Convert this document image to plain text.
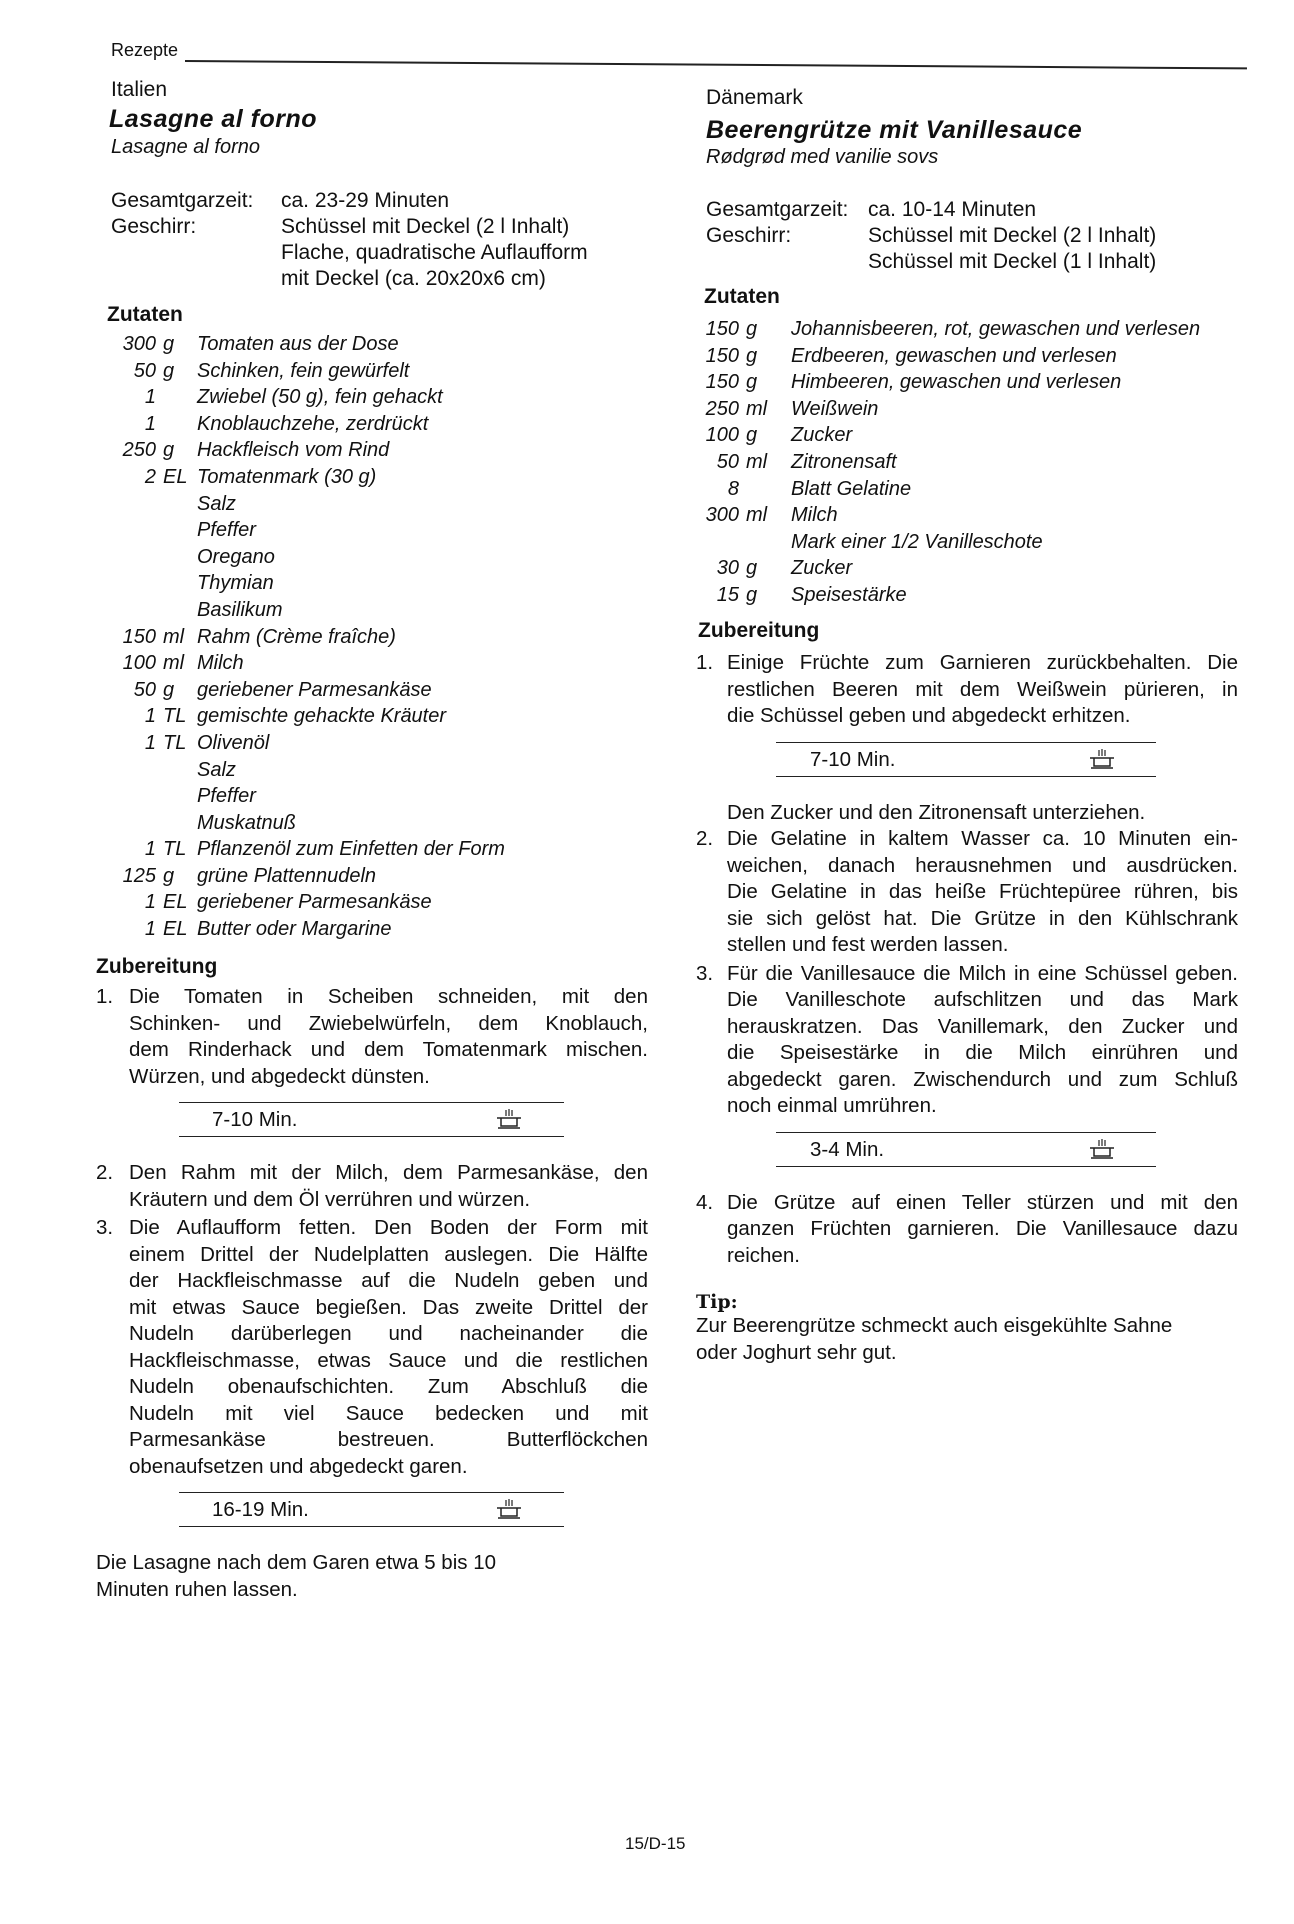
Rezepte
Italien
Lasagne al forno
Lasagne al forno
Gesamtgarzeit: ca. 23-29 Minuten
Geschirr:	Schüssel mit Deckel (2 l Inhalt)
Flache, quadratische Auflaufform
mit Deckel (ca. 20x20x6 cm)
Zutaten
300 g Tomaten aus der Dose
50 g Schinken, fein gewürfelt
1 Zwiebel (50 g), fein gehackt
1 Knoblauchzehe, zerdrückt
250 g Hackfleisch vom Rind
2 EL Tomatenmark (30 g)
Salz
Pfeffer
Oregano
Thymian
Basilikum
150 ml Rahm (Crème fraîche)
100 ml Milch
50 g geriebener Parmesankäse
1 TL gemischte gehackte Kräuter
1 TL Olivenöl
Salz
Pfeffer
Muskatnuß
1 TL Pflanzenöl zum Einfetten der Form
125 g grüne Plattennudeln
1 EL geriebener Parmesankäse
1 EL Butter oder Margarine
Zubereitung
1. Die Tomaten in Scheiben schneiden, mit den
Schinken- und Zwiebelwürfeln, dem Knoblauch,
dem Rinderhack und dem Tomatenmark mischen.
Würzen, und abgedeckt dünsten.
7-10 Min.
2. Den Rahm mit der Milch, dem Parmesankäse, den
Kräutern und dem Öl verrühren und würzen.
3. Die Auflaufform fetten. Den Boden der Form mit
einem Drittel der Nudelplatten auslegen. Die Hälfte
der Hackfleischmasse auf die Nudeln geben und
mit etwas Sauce begießen. Das zweite Drittel der
Nudeln darüberlegen und nacheinander die
Hackfleischmasse, etwas Sauce und die restlichen
Nudeln obenaufschichten. Zum Abschluß die
Nudeln mit viel Sauce bedecken und mit
Parmesankäse bestreuen. Butterflöckchen
obenaufsetzen und abgedeckt garen.
16-19 Min.
Die Lasagne nach dem Garen etwa 5 bis 10
Minuten ruhen lassen.
Dänemark
Beerengrütze mit Vanillesauce
Rødgrød med vanilie sovs
Gesamtgarzeit: ca. 10-14 Minuten
Geschirr:	Schüssel mit Deckel (2 l Inhalt)
Schüssel mit Deckel (1 l Inhalt)
Zutaten
150 g Johannisbeeren, rot, gewaschen und verlesen
150 g Erdbeeren, gewaschen und verlesen
150 g Himbeeren, gewaschen und verlesen
250 ml Weißwein
100 g Zucker
50 ml Zitronensaft
8	Blatt Gelatine
300 ml Milch
Mark einer 1/2 Vanilleschote
30 g Zucker
15 g Speisestärke
Zubereitung
1. Einige Früchte zum Garnieren zurückbehalten. Die
restlichen Beeren mit dem Weißwein pürieren, in
die Schüssel geben und abgedeckt erhitzen.
7-10 Min.
Den Zucker und den Zitronensaft unterziehen.
2. Die Gelatine in kaltem Wasser ca. 10 Minuten ein-
weichen, danach herausnehmen und ausdrücken.
Die Gelatine in das heiße Früchtepüree rühren, bis
sie sich gelöst hat. Die Grütze in den Kühlschrank
stellen und fest werden lassen.
3. Für die Vanillesauce die Milch in eine Schüssel geben.
Die Vanilleschote aufschlitzen und das Mark
herauskratzen. Das Vanillemark, den Zucker und
die Speisestärke in die Milch einrühren und
abgedeckt garen. Zwischendurch und zum Schluß
noch einmal umrühren.
3-4 Min.
4. Die Grütze auf einen Teller stürzen und mit den
ganzen Früchten garnieren. Die Vanillesauce dazu
reichen.
Tip:
Zur Beerengrütze schmeckt auch eisgekühlte Sahne
oder Joghurt sehr gut.
15/D-15
